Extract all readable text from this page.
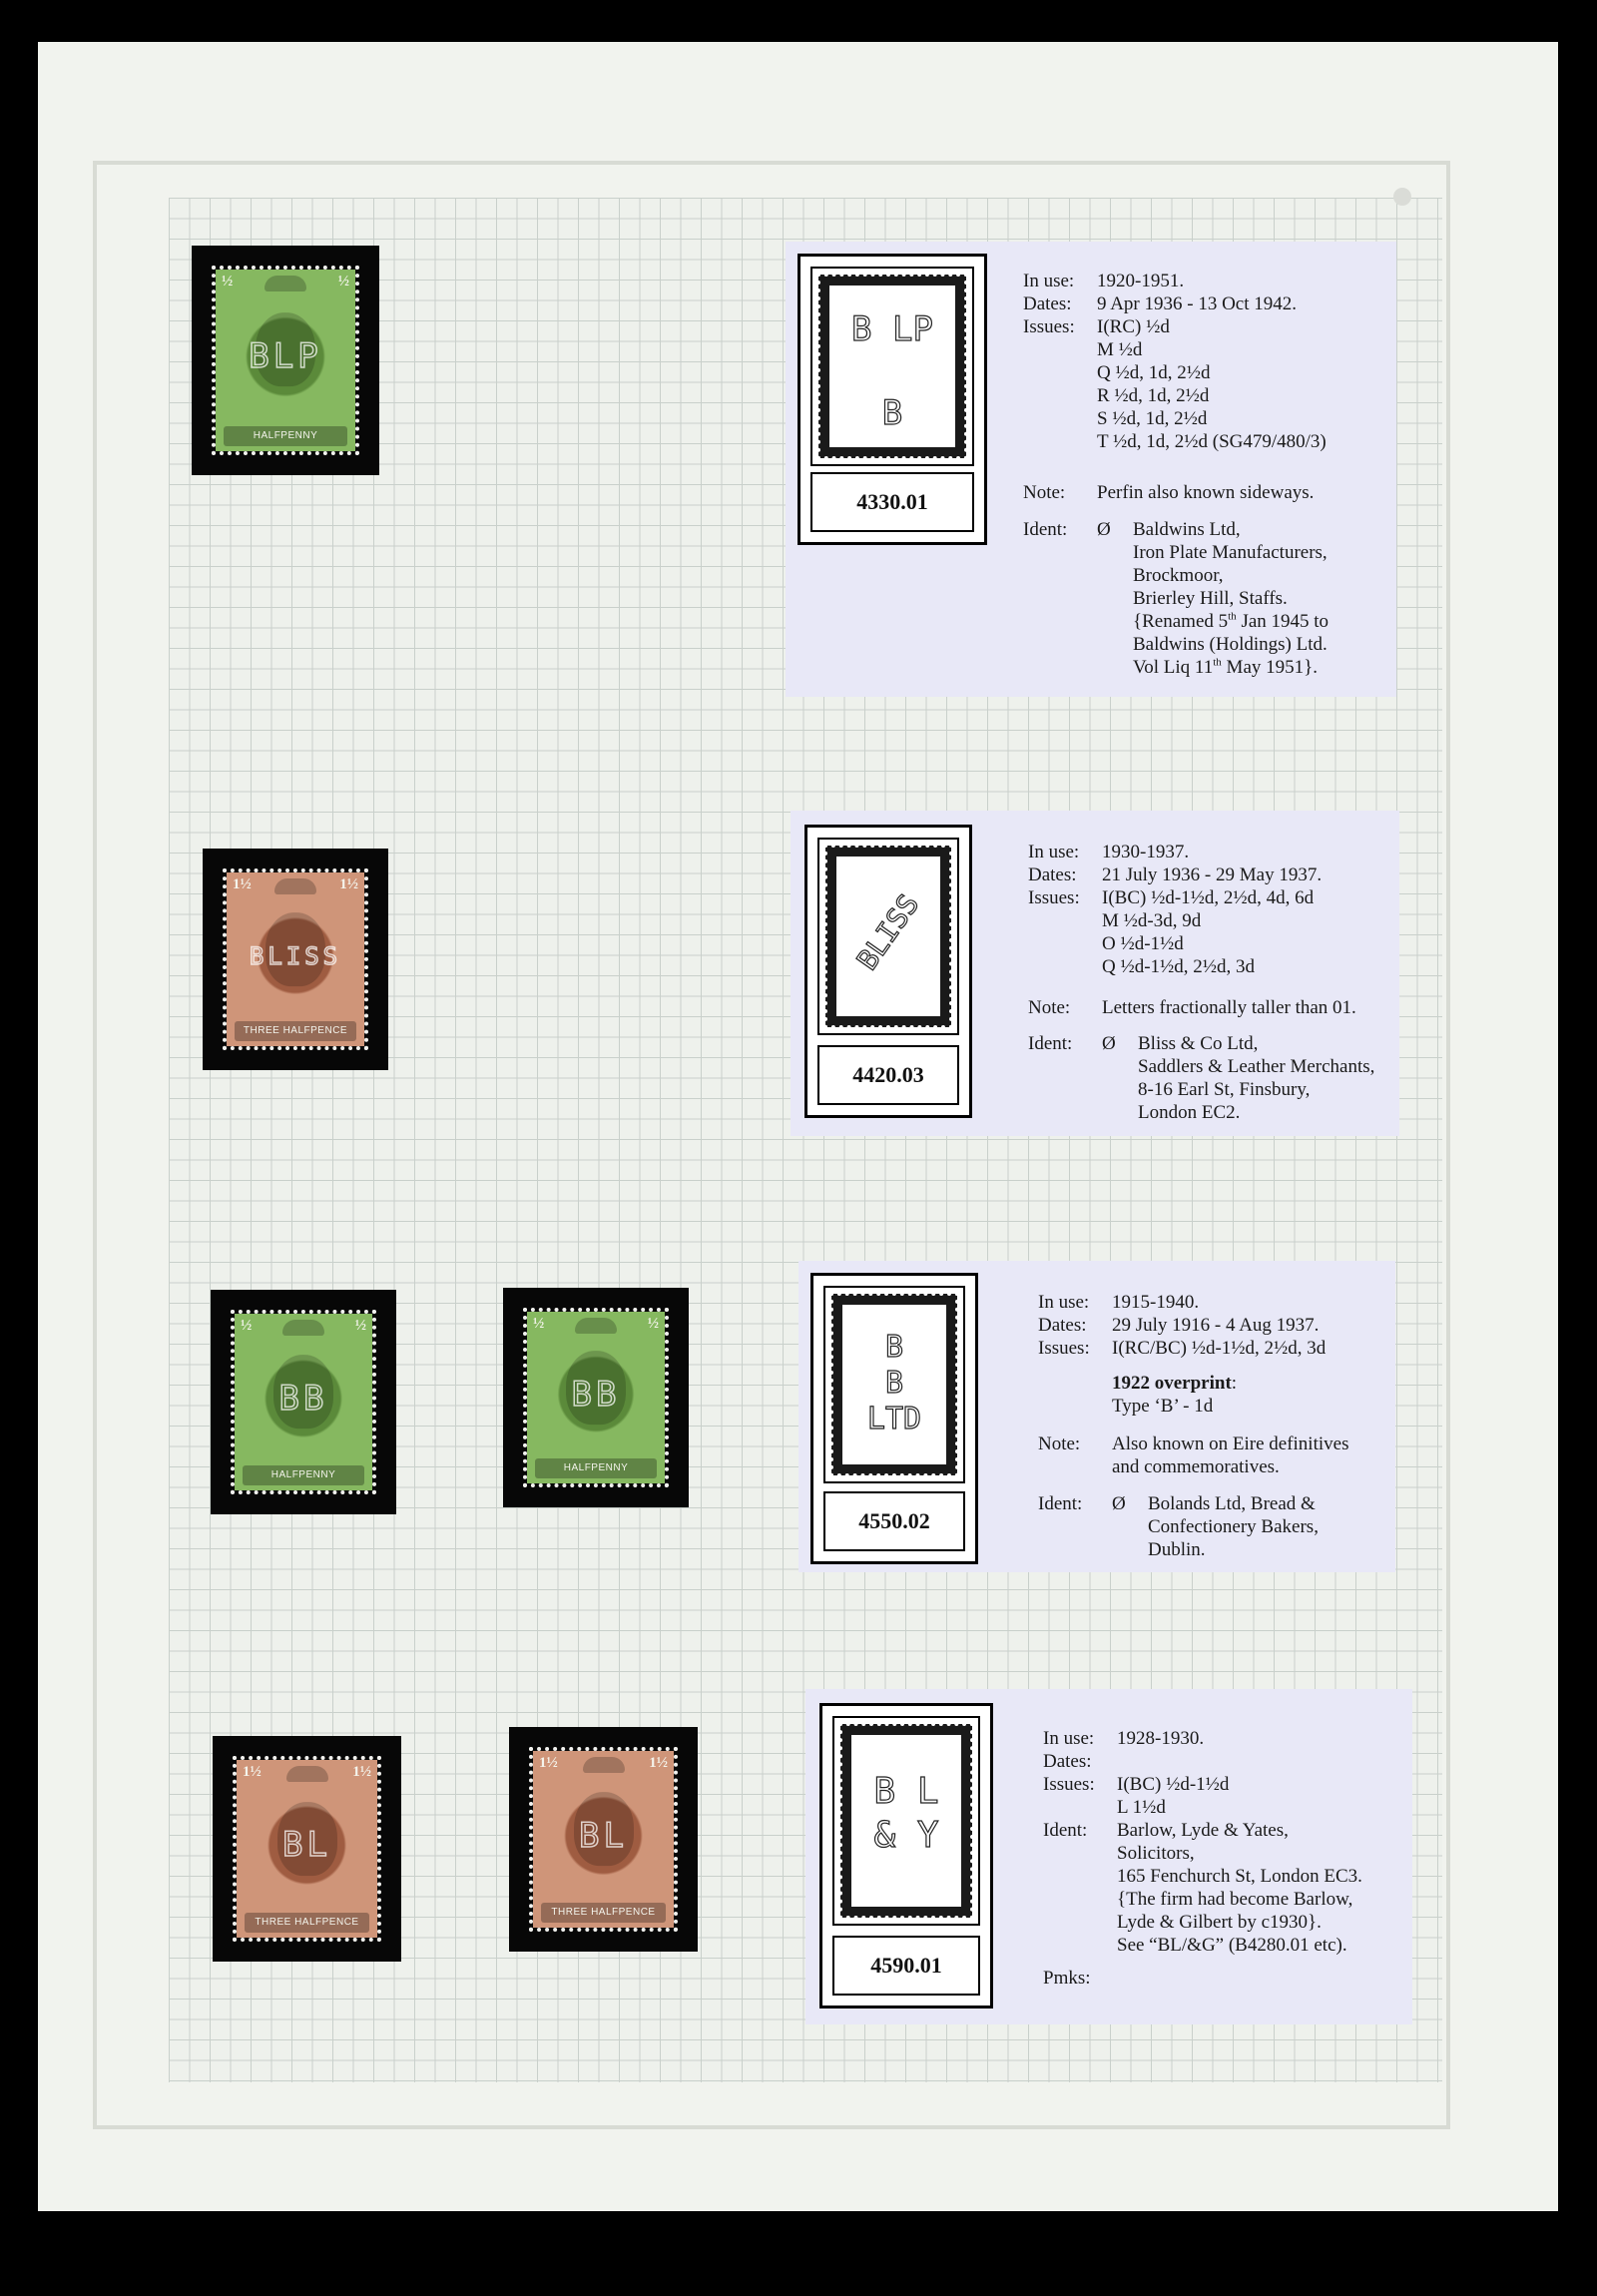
½	½
BLP
HALFPENNY
1½	1½
BLISS
THREE HALFPENCE
½	½
BB
HALFPENNY
½	½
BB
HALFPENNY
1½	1½
BL
THREE HALFPENCE
1½	1½
BL
THREE HALFPENCE
B LP

B
4330.01
In use: 1920-1951.
Dates: 9 Apr 1936 - 13 Oct 1942.
Issues: I(RC) ½d
M ½d
Q ½d, 1d, 2½d
R ½d, 1d, 2½d
S ½d, 1d, 2½d
T ½d, 1d, 2½d (SG479/480/3)
Note: Perfin also known sideways.
Ident: Ø Baldwins Ltd,
Iron Plate Manufacturers,
Brockmoor,
Brierley Hill, Staffs.
{Renamed 5th Jan 1945 to
Baldwins (Holdings) Ltd.
Vol Liq 11th May 1951}.
BLISS
4420.03
In use: 1930-1937.
Dates: 21 July 1936 - 29 May 1937.
Issues: I(BC) ½d-1½d, 2½d, 4d, 6d
M ½d-3d, 9d
O ½d-1½d
Q ½d-1½d, 2½d, 3d
Note: Letters fractionally taller than 01.
Ident: Ø Bliss & Co Ltd,
Saddlers & Leather Merchants,
8-16 Earl St, Finsbury,
London EC2.
B
B
LTD
4550.02
In use: 1915-1940.
Dates: 29 July 1916 - 4 Aug 1937.
Issues: I(RC/BC) ½d-1½d, 2½d, 3d
1922 overprint:
Type ‘B’ - 1d
Note: Also known on Eire definitives
and commemoratives.
Ident: Ø Bolands Ltd, Bread &
Confectionery Bakers,
Dublin.
B L
& Y
4590.01
In use: 1928-1930.
Dates:
Issues: I(BC) ½d-1½d
L 1½d
Ident: Barlow, Lyde & Yates,
Solicitors,
165 Fenchurch St, London EC3.
{The firm had become Barlow,
Lyde & Gilbert by c1930}.
See “BL/&G” (B4280.01 etc).
Pmks:
